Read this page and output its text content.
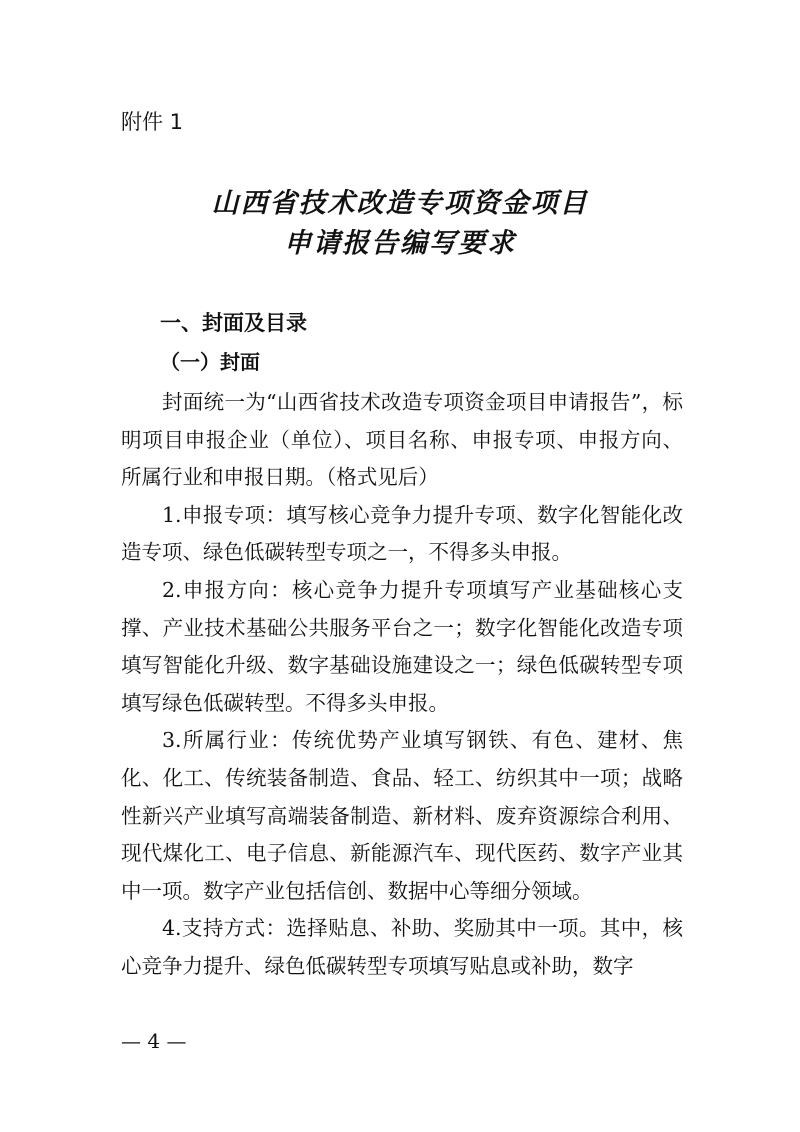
附件 1
山西省技术改造专项资金项目
申请报告编写要求
一、封面及目录
（一）封面

封面统一为“山西省技术改造专项资金项目申请报告”，标明项目申报企业（单位）、项目名称、申报专项、申报方向、所属行业和申报日期。（格式见后）

1.申报专项：填写核心竞争力提升专项、数字化智能化改造专项、绿色低碳转型专项之一，不得多头申报。

2.申报方向：核心竞争力提升专项填写产业基础核心支撑、产业技术基础公共服务平台之一；数字化智能化改造专项填写智能化升级、数字基础设施建设之一；绿色低碳转型专项填写绿色低碳转型。不得多头申报。

3.所属行业：传统优势产业填写钢铁、有色、建材、焦化、化工、传统装备制造、食品、轻工、纺织其中一项；战略性新兴产业填写高端装备制造、新材料、废弃资源综合利用、现代煤化工、电子信息、新能源汽车、现代医药、数字产业其中一项。数字产业包括信创、数据中心等细分领域。

4.支持方式：选择贴息、补助、奖励其中一项。其中，核心竞争力提升、绿色低碳转型专项填写贴息或补助，数字

— 4 —
